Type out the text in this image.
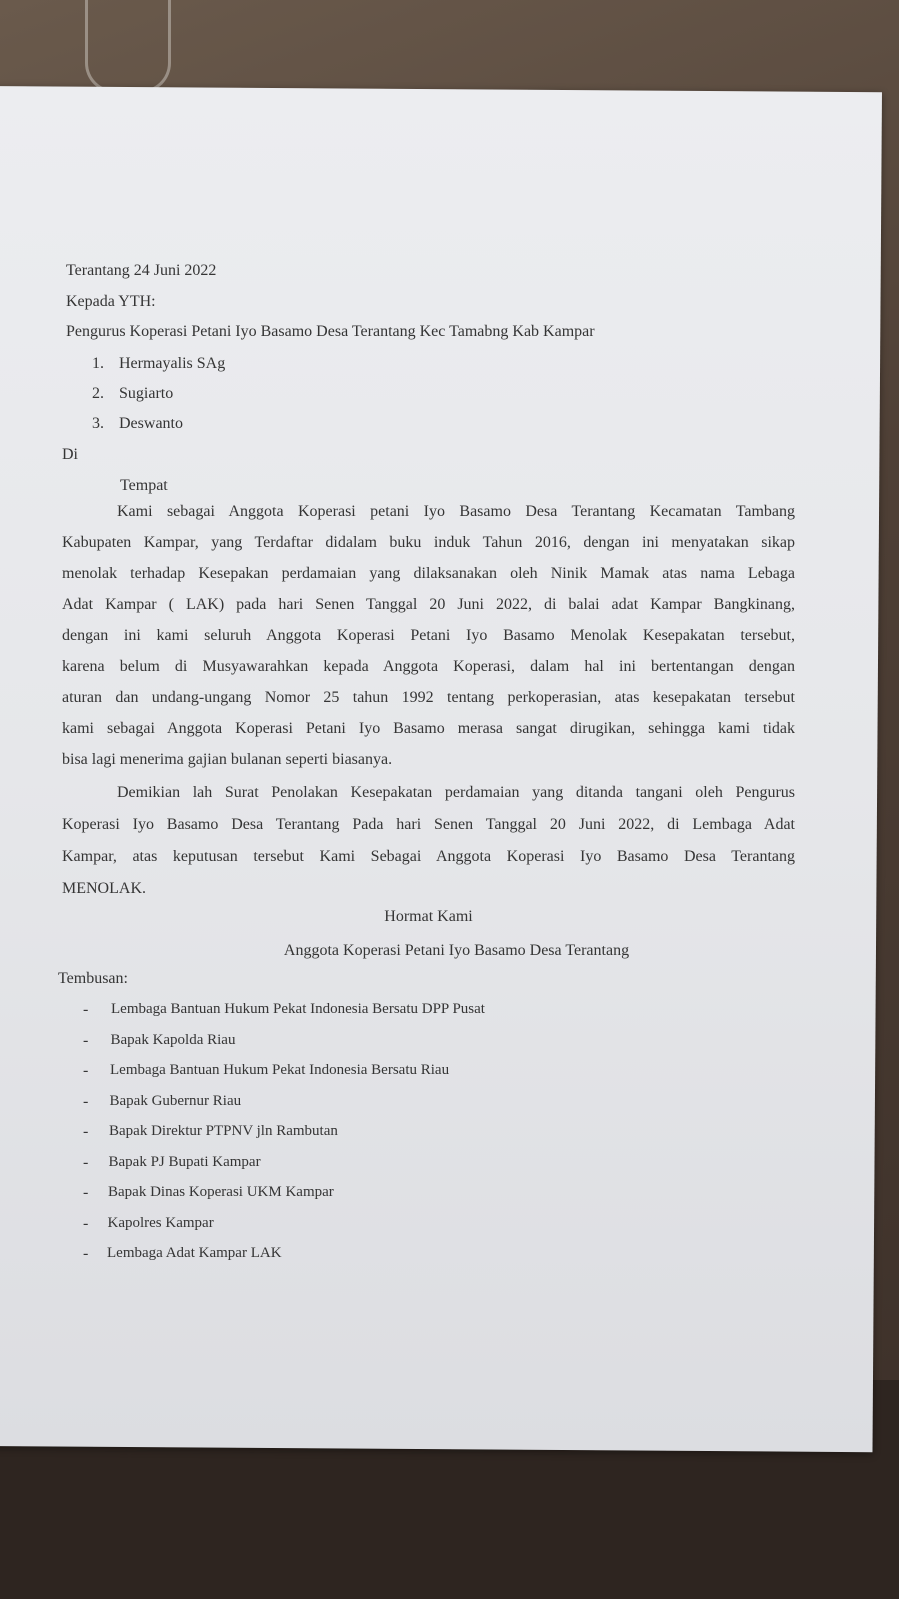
Terantang 24 Juni 2022
Kepada YTH:
Pengurus Koperasi Petani Iyo Basamo Desa Terantang Kec Tamabng Kab Kampar
1. Hermayalis SAg
2. Sugiarto
3. Deswanto
Di
Tempat
Kami sebagai Anggota Koperasi petani Iyo Basamo Desa Terantang Kecamatan Tambang
Kabupaten Kampar, yang Terdaftar didalam buku induk Tahun 2016, dengan ini menyatakan sikap
menolak terhadap Kesepakan perdamaian yang dilaksanakan oleh Ninik Mamak atas nama Lebaga
Adat Kampar ( LAK) pada hari Senen Tanggal 20 Juni 2022, di balai adat Kampar Bangkinang,
dengan ini kami seluruh Anggota Koperasi Petani Iyo Basamo Menolak Kesepakatan tersebut,
karena belum di Musyawarahkan kepada Anggota Koperasi, dalam hal ini bertentangan dengan
aturan dan undang-ungang Nomor 25 tahun 1992 tentang perkoperasian, atas kesepakatan tersebut
kami sebagai Anggota Koperasi Petani Iyo Basamo merasa sangat dirugikan, sehingga kami tidak
bisa lagi menerima gajian bulanan seperti biasanya.
Demikian lah Surat Penolakan Kesepakatan perdamaian yang ditanda tangani oleh Pengurus
Koperasi Iyo Basamo Desa Terantang Pada hari Senen Tanggal 20 Juni 2022, di Lembaga Adat
Kampar, atas keputusan tersebut Kami Sebagai Anggota Koperasi Iyo Basamo Desa Terantang
MENOLAK.
Hormat Kami
Anggota Koperasi Petani Iyo Basamo Desa Terantang
Tembusan:
- Lembaga Bantuan Hukum Pekat Indonesia Bersatu DPP Pusat
- Bapak Kapolda Riau
- Lembaga Bantuan Hukum Pekat Indonesia Bersatu Riau
- Bapak Gubernur Riau
- Bapak Direktur PTPNV jln Rambutan
- Bapak PJ Bupati Kampar
- Bapak Dinas Koperasi UKM Kampar
- Kapolres Kampar
- Lembaga Adat Kampar LAK
